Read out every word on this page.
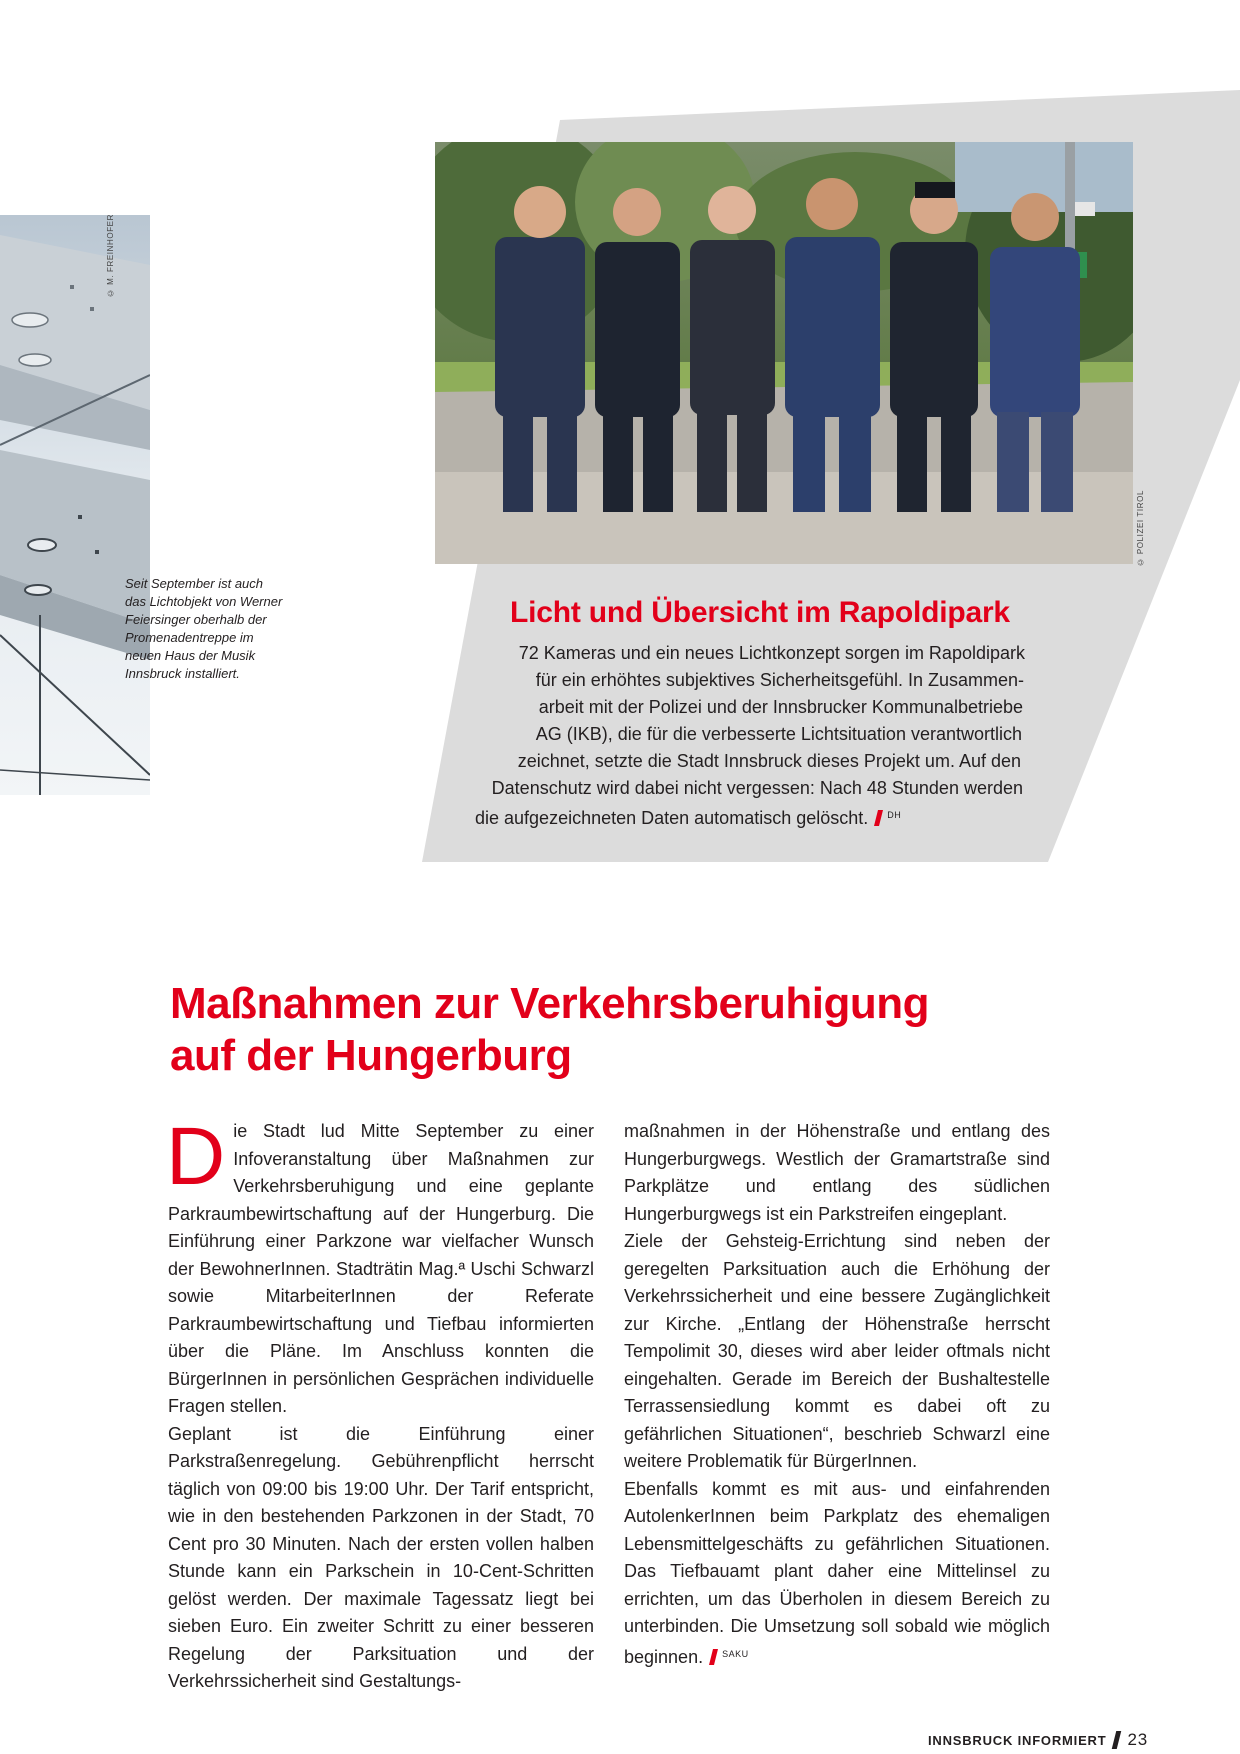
© M. FREINHOFER
Seit September ist auch das Lichtobjekt von Werner Feiersinger oberhalb der Promenadentreppe im neuen Haus der Musik Innsbruck installiert.
© POLIZEI TIROL
Licht und Übersicht im Rapoldipark
72 Kameras und ein neues Lichtkonzept sorgen im Rapoldipark
für ein erhöhtes subjektives Sicherheitsgefühl. In Zusammen-
arbeit mit der Polizei und der Innsbrucker Kommunalbetriebe
AG (IKB), die für die verbesserte Lichtsituation verantwortlich
zeichnet, setzte die Stadt Innsbruck dieses Projekt um. Auf den
Datenschutz wird dabei nicht vergessen: Nach 48 Stunden werden
die aufgezeichneten Daten automatisch gelöscht. $^{DH}$
Maßnahmen zur Verkehrsberuhigung
auf der Hungerburg

Die Stadt lud Mitte September zu einer Infoveranstaltung über Maßnahmen zur Verkehrsberuhigung und eine geplante Parkraumbewirtschaftung auf der Hungerburg. Die Einführung einer Parkzone war vielfacher Wunsch der BewohnerInnen. Stadträtin Mag.ª Uschi Schwarzl sowie MitarbeiterInnen der Referate Parkraumbewirtschaftung und Tiefbau informierten über die Pläne. Im Anschluss konnten die BürgerInnen in persönlichen Gesprächen individuelle Fragen stellen.

Geplant ist die Einführung einer Parkstraßenregelung. Gebührenpflicht herrscht täglich von 09:00 bis 19:00 Uhr. Der Tarif entspricht, wie in den bestehenden Parkzonen in der Stadt, 70 Cent pro 30 Minuten. Nach der ersten vollen halben Stunde kann ein Parkschein in 10-Cent-Schritten gelöst werden. Der maximale Tagessatz liegt bei sieben Euro. Ein zweiter Schritt zu einer besseren Regelung der Parksituation und der Verkehrssicherheit sind Gestaltungs-

maßnahmen in der Höhenstraße und entlang des Hungerburgwegs. Westlich der Gramartstraße sind Parkplätze und entlang des südlichen Hungerburgwegs ist ein Parkstreifen eingeplant.

Ziele der Gehsteig-Errichtung sind neben der geregelten Parksituation auch die Erhöhung der Verkehrssicherheit und eine bessere Zugänglichkeit zur Kirche. „Entlang der Höhenstraße herrscht Tempolimit 30, dieses wird aber leider oftmals nicht eingehalten. Gerade im Bereich der Bushaltestelle Terrassensiedlung kommt es dabei oft zu gefährlichen Situationen“, beschrieb Schwarzl eine weitere Problematik für BürgerInnen.

Ebenfalls kommt es mit aus- und einfahrenden AutolenkerInnen beim Parkplatz des ehemaligen Lebensmittelgeschäfts zu gefährlichen Situationen. Das Tiefbauamt plant daher eine Mittelinsel zu errichten, um das Überholen in diesem Bereich zu unterbinden. Die Umsetzung soll sobald wie möglich beginnen. $^{SAKU}$

INNSBRUCK INFORMIERT 23
